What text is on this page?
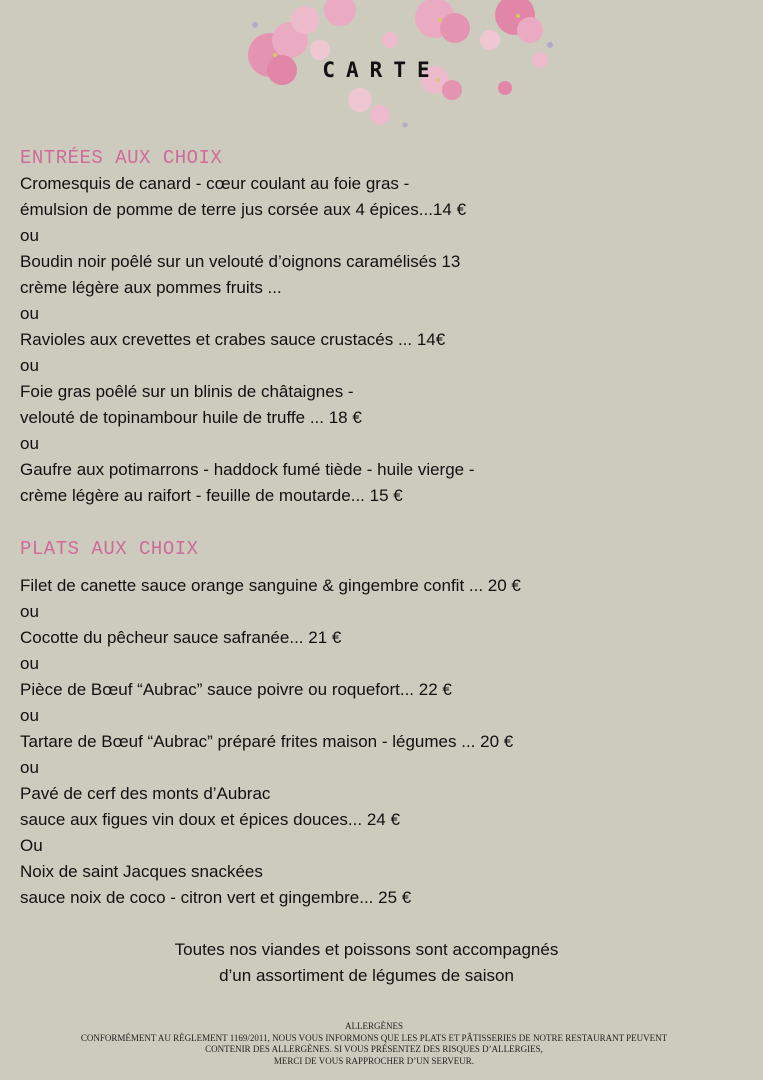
CARTE
ENTRÉES AUX CHOIX
Cromesquis de canard - cœur coulant au foie gras -
émulsion de pomme de terre jus corsée aux 4 épices...14 €
ou
Boudin noir poêlé sur un velouté d’oignons caramélisés 13
crème légère aux pommes fruits ...
ou
Ravioles aux crevettes et crabes sauce crustacés ... 14€
ou
Foie gras poêlé sur un blinis de châtaignes -
velouté de topinambour huile de truffe ... 18 €
ou
Gaufre aux potimarrons - haddock fumé tiède - huile vierge -
crème légère au raifort - feuille de moutarde... 15 €
PLATS AUX CHOIX
Filet de canette sauce orange sanguine & gingembre confit ... 20 €
ou
Cocotte du pêcheur sauce safranée... 21 €
ou
Pièce de Bœuf “Aubrac” sauce poivre ou roquefort... 22 €
ou
Tartare de Bœuf “Aubrac” préparé frites maison - légumes ... 20 €
ou
Pavé de cerf des monts d’Aubrac
sauce aux figues vin doux et épices douces... 24 €
Ou
Noix de saint Jacques snackées
sauce noix de coco - citron vert et gingembre... 25 €
Toutes nos viandes et poissons sont accompagnés
d’un assortiment de légumes de saison
ALLERGÈNES
CONFORMÉMENT AU RÈGLEMENT 1169/2011, NOUS VOUS INFORMONS QUE LES PLATS ET PÂTISSERIES DE NOTRE RESTAURANT PEUVENT
CONTENIR DES ALLERGÈNES. SI VOUS PRÉSENTEZ DES RISQUES D’ALLERGIES,
MERCI DE VOUS RAPPROCHER D’UN SERVEUR.
